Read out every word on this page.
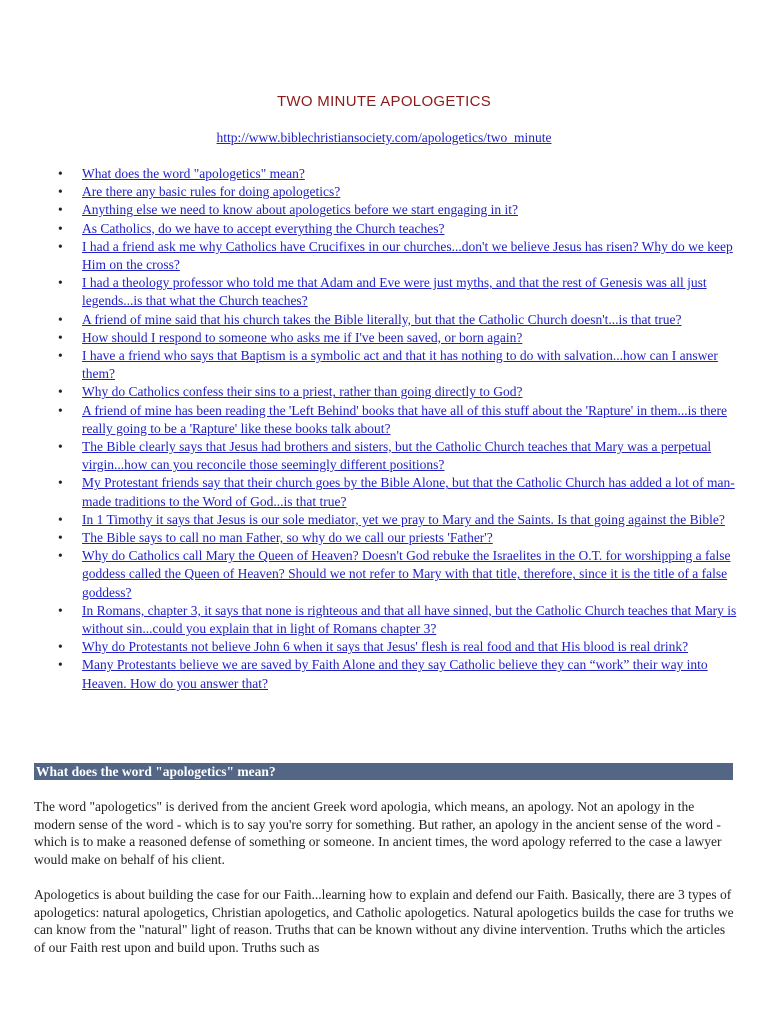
TWO MINUTE APOLOGETICS
http://www.biblechristiansociety.com/apologetics/two_minute
• What does the word "apologetics" mean?
• Are there any basic rules for doing apologetics?
• Anything else we need to know about apologetics before we start engaging in it?
• As Catholics, do we have to accept everything the Church teaches?
• I had a friend ask me why Catholics have Crucifixes in our churches...don't we believe Jesus has risen? Why do we keep Him on the cross?
• I had a theology professor who told me that Adam and Eve were just myths, and that the rest of Genesis was all just legends...is that what the Church teaches?
• A friend of mine said that his church takes the Bible literally, but that the Catholic Church doesn't...is that true?
• How should I respond to someone who asks me if I've been saved, or born again?
• I have a friend who says that Baptism is a symbolic act and that it has nothing to do with salvation...how can I answer them?
• Why do Catholics confess their sins to a priest, rather than going directly to God?
• A friend of mine has been reading the 'Left Behind' books that have all of this stuff about the 'Rapture' in them...is there really going to be a 'Rapture' like these books talk about?
• The Bible clearly says that Jesus had brothers and sisters, but the Catholic Church teaches that Mary was a perpetual virgin...how can you reconcile those seemingly different positions?
• My Protestant friends say that their church goes by the Bible Alone, but that the Catholic Church has added a lot of man-made traditions to the Word of God...is that true?
• In 1 Timothy it says that Jesus is our sole mediator, yet we pray to Mary and the Saints. Is that going against the Bible?
• The Bible says to call no man Father, so why do we call our priests 'Father'?
• Why do Catholics call Mary the Queen of Heaven? Doesn't God rebuke the Israelites in the O.T. for worshipping a false goddess called the Queen of Heaven? Should we not refer to Mary with that title, therefore, since it is the title of a false goddess?
• In Romans, chapter 3, it says that none is righteous and that all have sinned, but the Catholic Church teaches that Mary is without sin...could you explain that in light of Romans chapter 3?
• Why do Protestants not believe John 6 when it says that Jesus' flesh is real food and that His blood is real drink?
• Many Protestants believe we are saved by Faith Alone and they say Catholic believe they can “work” their way into Heaven. How do you answer that?
What does the word "apologetics" mean?

The word "apologetics" is derived from the ancient Greek word apologia, which means, an apology. Not an apology in the modern sense of the word - which is to say you're sorry for something. But rather, an apology in the ancient sense of the word - which is to make a reasoned defense of something or someone. In ancient times, the word apology referred to the case a lawyer would make on behalf of his client.

Apologetics is about building the case for our Faith...learning how to explain and defend our Faith. Basically, there are 3 types of apologetics: natural apologetics, Christian apologetics, and Catholic apologetics. Natural apologetics builds the case for truths we can know from the "natural" light of reason. Truths that can be known without any divine intervention. Truths which the articles of our Faith rest upon and build upon. Truths such as
